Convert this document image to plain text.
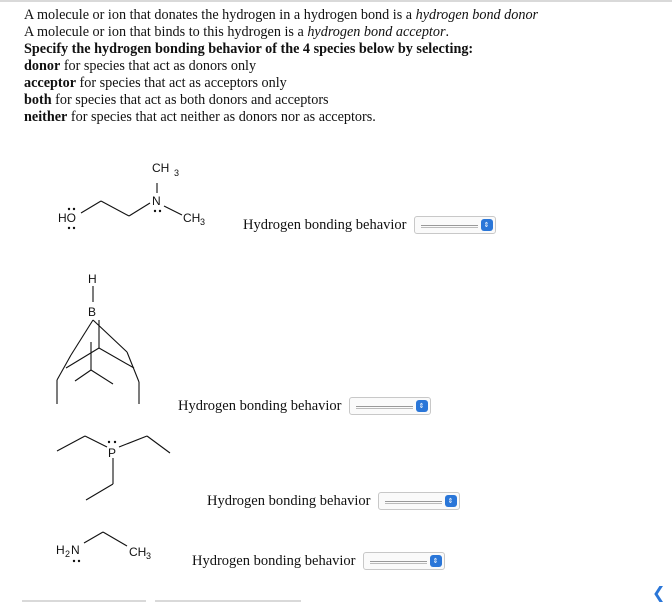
A molecule or ion that donates the hydrogen in a hydrogen bond is a hydrogen bond donor
A molecule or ion that binds to this hydrogen is a hydrogen bond acceptor.
Specify the hydrogen bonding behavior of the 4 species below by selecting:
donor for species that act as donors only
acceptor for species that act as acceptors only
both for species that act as both donors and acceptors
neither for species that act neither as donors nor as acceptors.
CH 3
N
CH 3
HO	Hydrogen bonding behavior	⇕
H
B
Hydrogen bonding behavior	⇕
P
Hydrogen bonding behavior	⇕
H 2 N	CH 3	Hydrogen bonding behavior	⇕
❮
